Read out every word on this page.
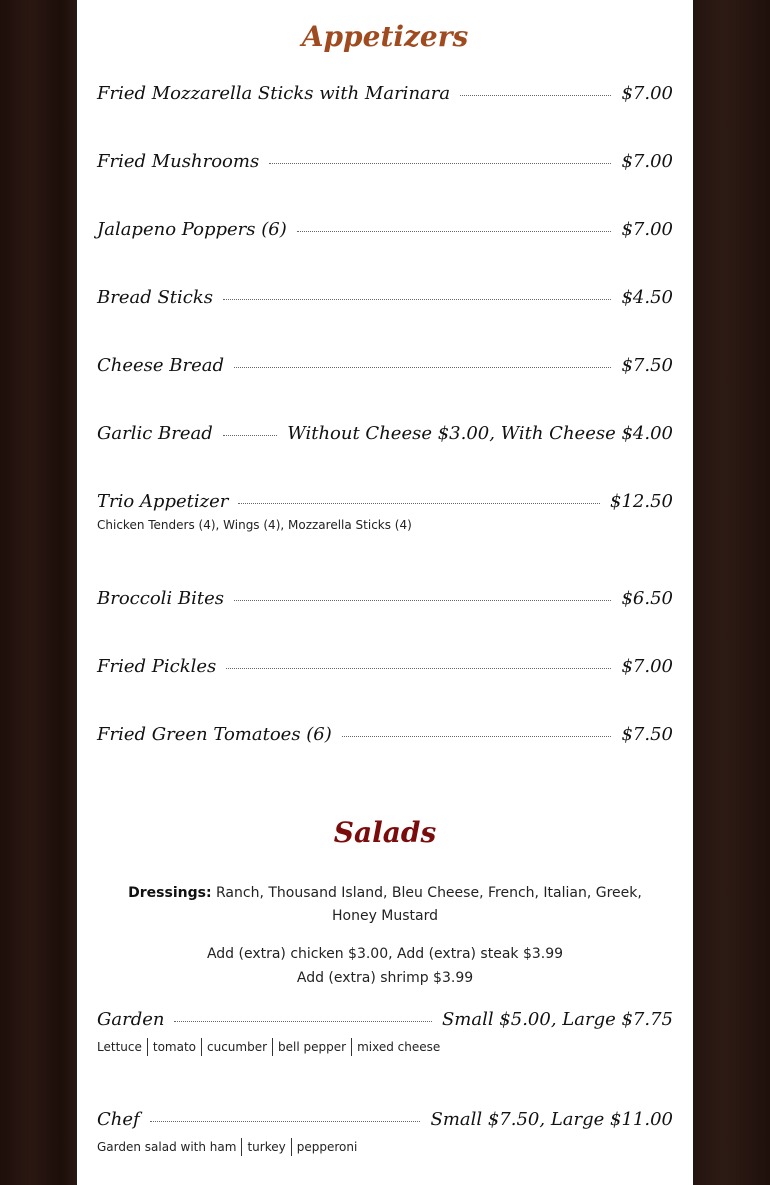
Appetizers
Fried Mozzarella Sticks with Marinara	$7.00
Fried Mushrooms	$7.00
Jalapeno Poppers (6)	$7.00
Bread Sticks	$4.50
Cheese Bread	$7.50
Garlic Bread	Without Cheese $3.00, With Cheese $4.00
Trio Appetizer	$12.50
Chicken Tenders (4), Wings (4), Mozzarella Sticks (4)
Broccoli Bites	$6.50
Fried Pickles	$7.00
Fried Green Tomatoes (6)	$7.50
Salads
Dressings: Ranch, Thousand Island, Bleu Cheese, French, Italian, Greek, Honey Mustard
Add (extra) chicken $3.00, Add (extra) steak $3.99
Add (extra) shrimp $3.99
Garden	Small $5.00, Large $7.75
Lettuce tomato cucumber bell pepper mixed cheese
Chef	Small $7.50, Large $11.00
Garden salad with ham turkey pepperoni
